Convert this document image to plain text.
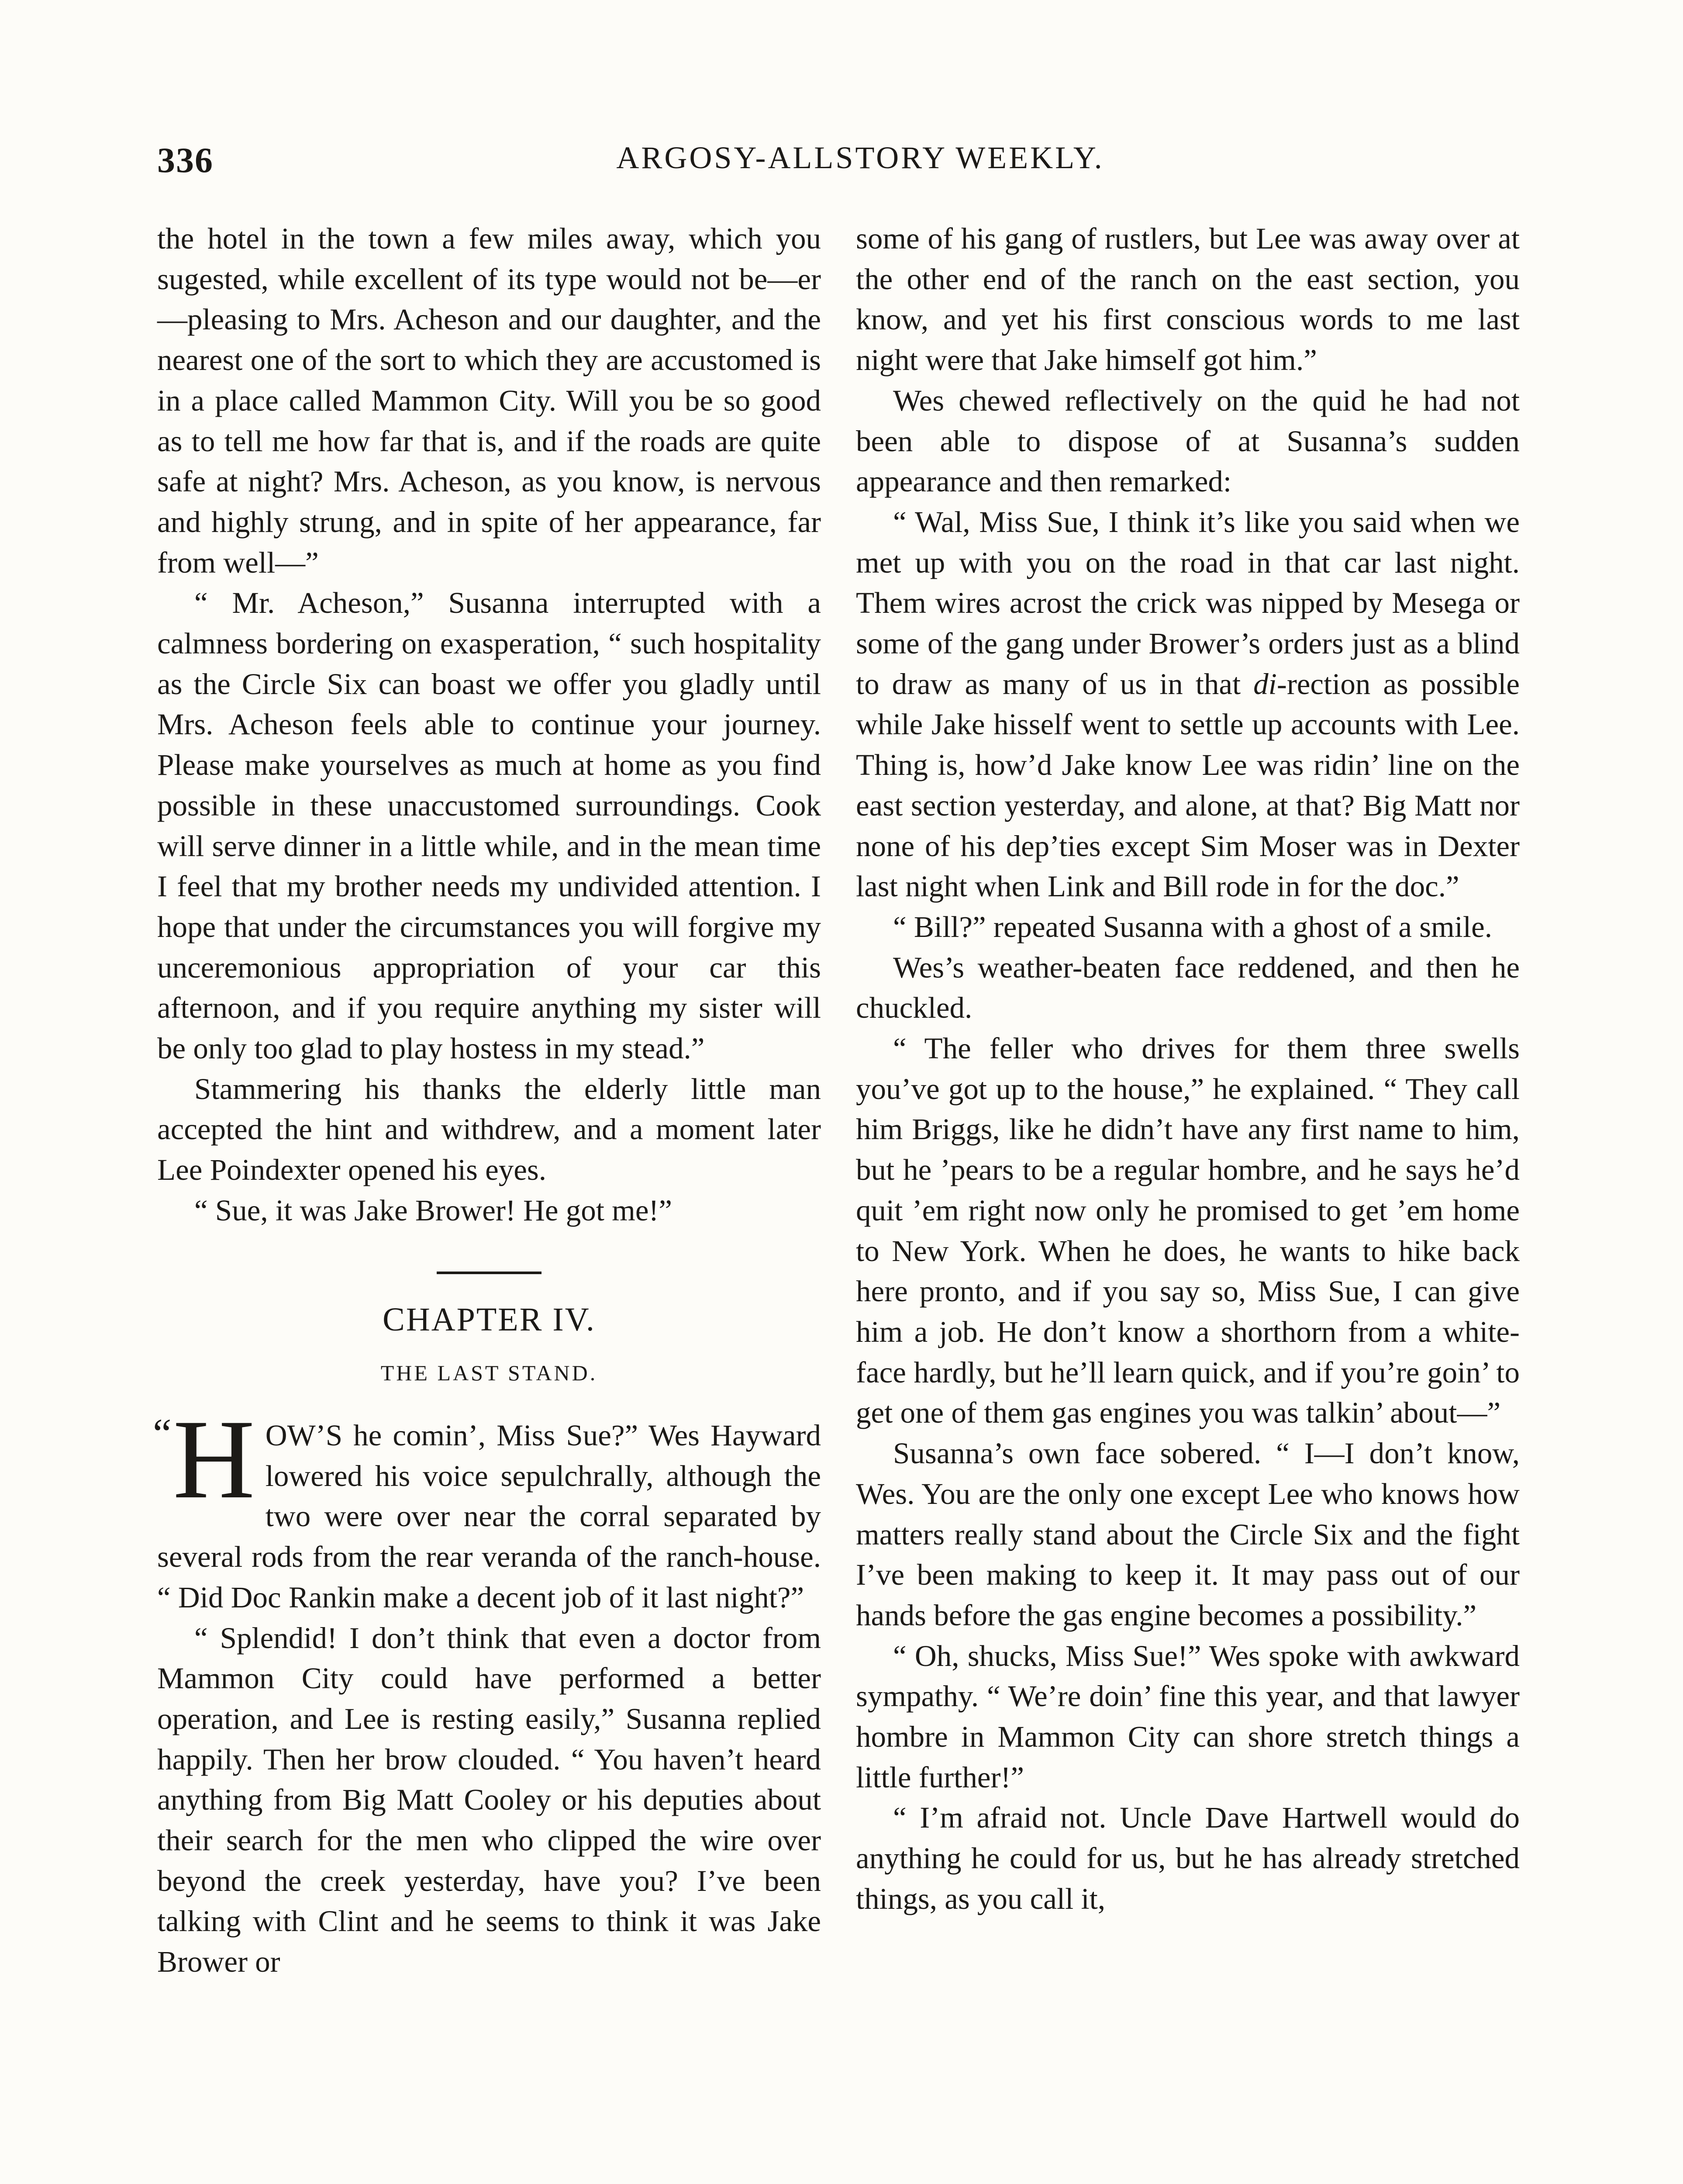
336	ARGOSY-ALLSTORY WEEKLY.

the hotel in the town a few miles away, which you sugested, while excellent of its type would not be—er—pleasing to Mrs. Acheson and our daughter, and the nearest one of the sort to which they are accustomed is in a place called Mammon City. Will you be so good as to tell me how far that is, and if the roads are quite safe at night? Mrs. Acheson, as you know, is nervous and highly strung, and in spite of her appearance, far from well—”

“ Mr. Acheson,” Susanna interrupted with a calmness bordering on exasperation, “ such hospitality as the Circle Six can boast we offer you gladly until Mrs. Acheson feels able to continue your journey. Please make yourselves as much at home as you find possible in these unaccustomed surroundings. Cook will serve dinner in a little while, and in the mean time I feel that my brother needs my undivided attention. I hope that under the circumstances you will forgive my unceremonious appropriation of your car this afternoon, and if you require anything my sister will be only too glad to play hostess in my stead.”

Stammering his thanks the elderly little man accepted the hint and withdrew, and a moment later Lee Poindexter opened his eyes.

“ Sue, it was Jake Brower! He got me!”

CHAPTER IV.
THE LAST STAND.

“ H OW’S he comin’, Miss Sue?” Wes Hayward lowered his voice sepulchrally, although the two were over near the corral separated by several rods from the rear veranda of the ranch-house. “ Did Doc Rankin make a decent job of it last night?”

“ Splendid! I don’t think that even a doctor from Mammon City could have performed a better operation, and Lee is resting easily,” Susanna replied happily. Then her brow clouded. “ You haven’t heard anything from Big Matt Cooley or his deputies about their search for the men who clipped the wire over beyond the creek yesterday, have you? I’ve been talking with Clint and he seems to think it was Jake Brower or

some of his gang of rustlers, but Lee was away over at the other end of the ranch on the east section, you know, and yet his first conscious words to me last night were that Jake himself got him.”

Wes chewed reflectively on the quid he had not been able to dispose of at Susanna’s sudden appearance and then remarked:

“ Wal, Miss Sue, I think it’s like you said when we met up with you on the road in that car last night. Them wires acrost the crick was nipped by Mesega or some of the gang under Brower’s orders just as a blind to draw as many of us in that di-rection as possible while Jake hisself went to settle up accounts with Lee. Thing is, how’d Jake know Lee was ridin’ line on the east section yesterday, and alone, at that? Big Matt nor none of his dep’ties except Sim Moser was in Dexter last night when Link and Bill rode in for the doc.”

“ Bill?” repeated Susanna with a ghost of a smile.

Wes’s weather-beaten face reddened, and then he chuckled.

“ The feller who drives for them three swells you’ve got up to the house,” he explained. “ They call him Briggs, like he didn’t have any first name to him, but he ’pears to be a regular hombre, and he says he’d quit ’em right now only he promised to get ’em home to New York. When he does, he wants to hike back here pronto, and if you say so, Miss Sue, I can give him a job. He don’t know a shorthorn from a white-face hardly, but he’ll learn quick, and if you’re goin’ to get one of them gas engines you was talkin’ about—”

Susanna’s own face sobered. “ I—I don’t know, Wes. You are the only one except Lee who knows how matters really stand about the Circle Six and the fight I’ve been making to keep it. It may pass out of our hands before the gas engine becomes a possibility.”

“ Oh, shucks, Miss Sue!” Wes spoke with awkward sympathy. “ We’re doin’ fine this year, and that lawyer hombre in Mammon City can shore stretch things a little further!”

“ I’m afraid not. Uncle Dave Hartwell would do anything he could for us, but he has already stretched things, as you call it,
